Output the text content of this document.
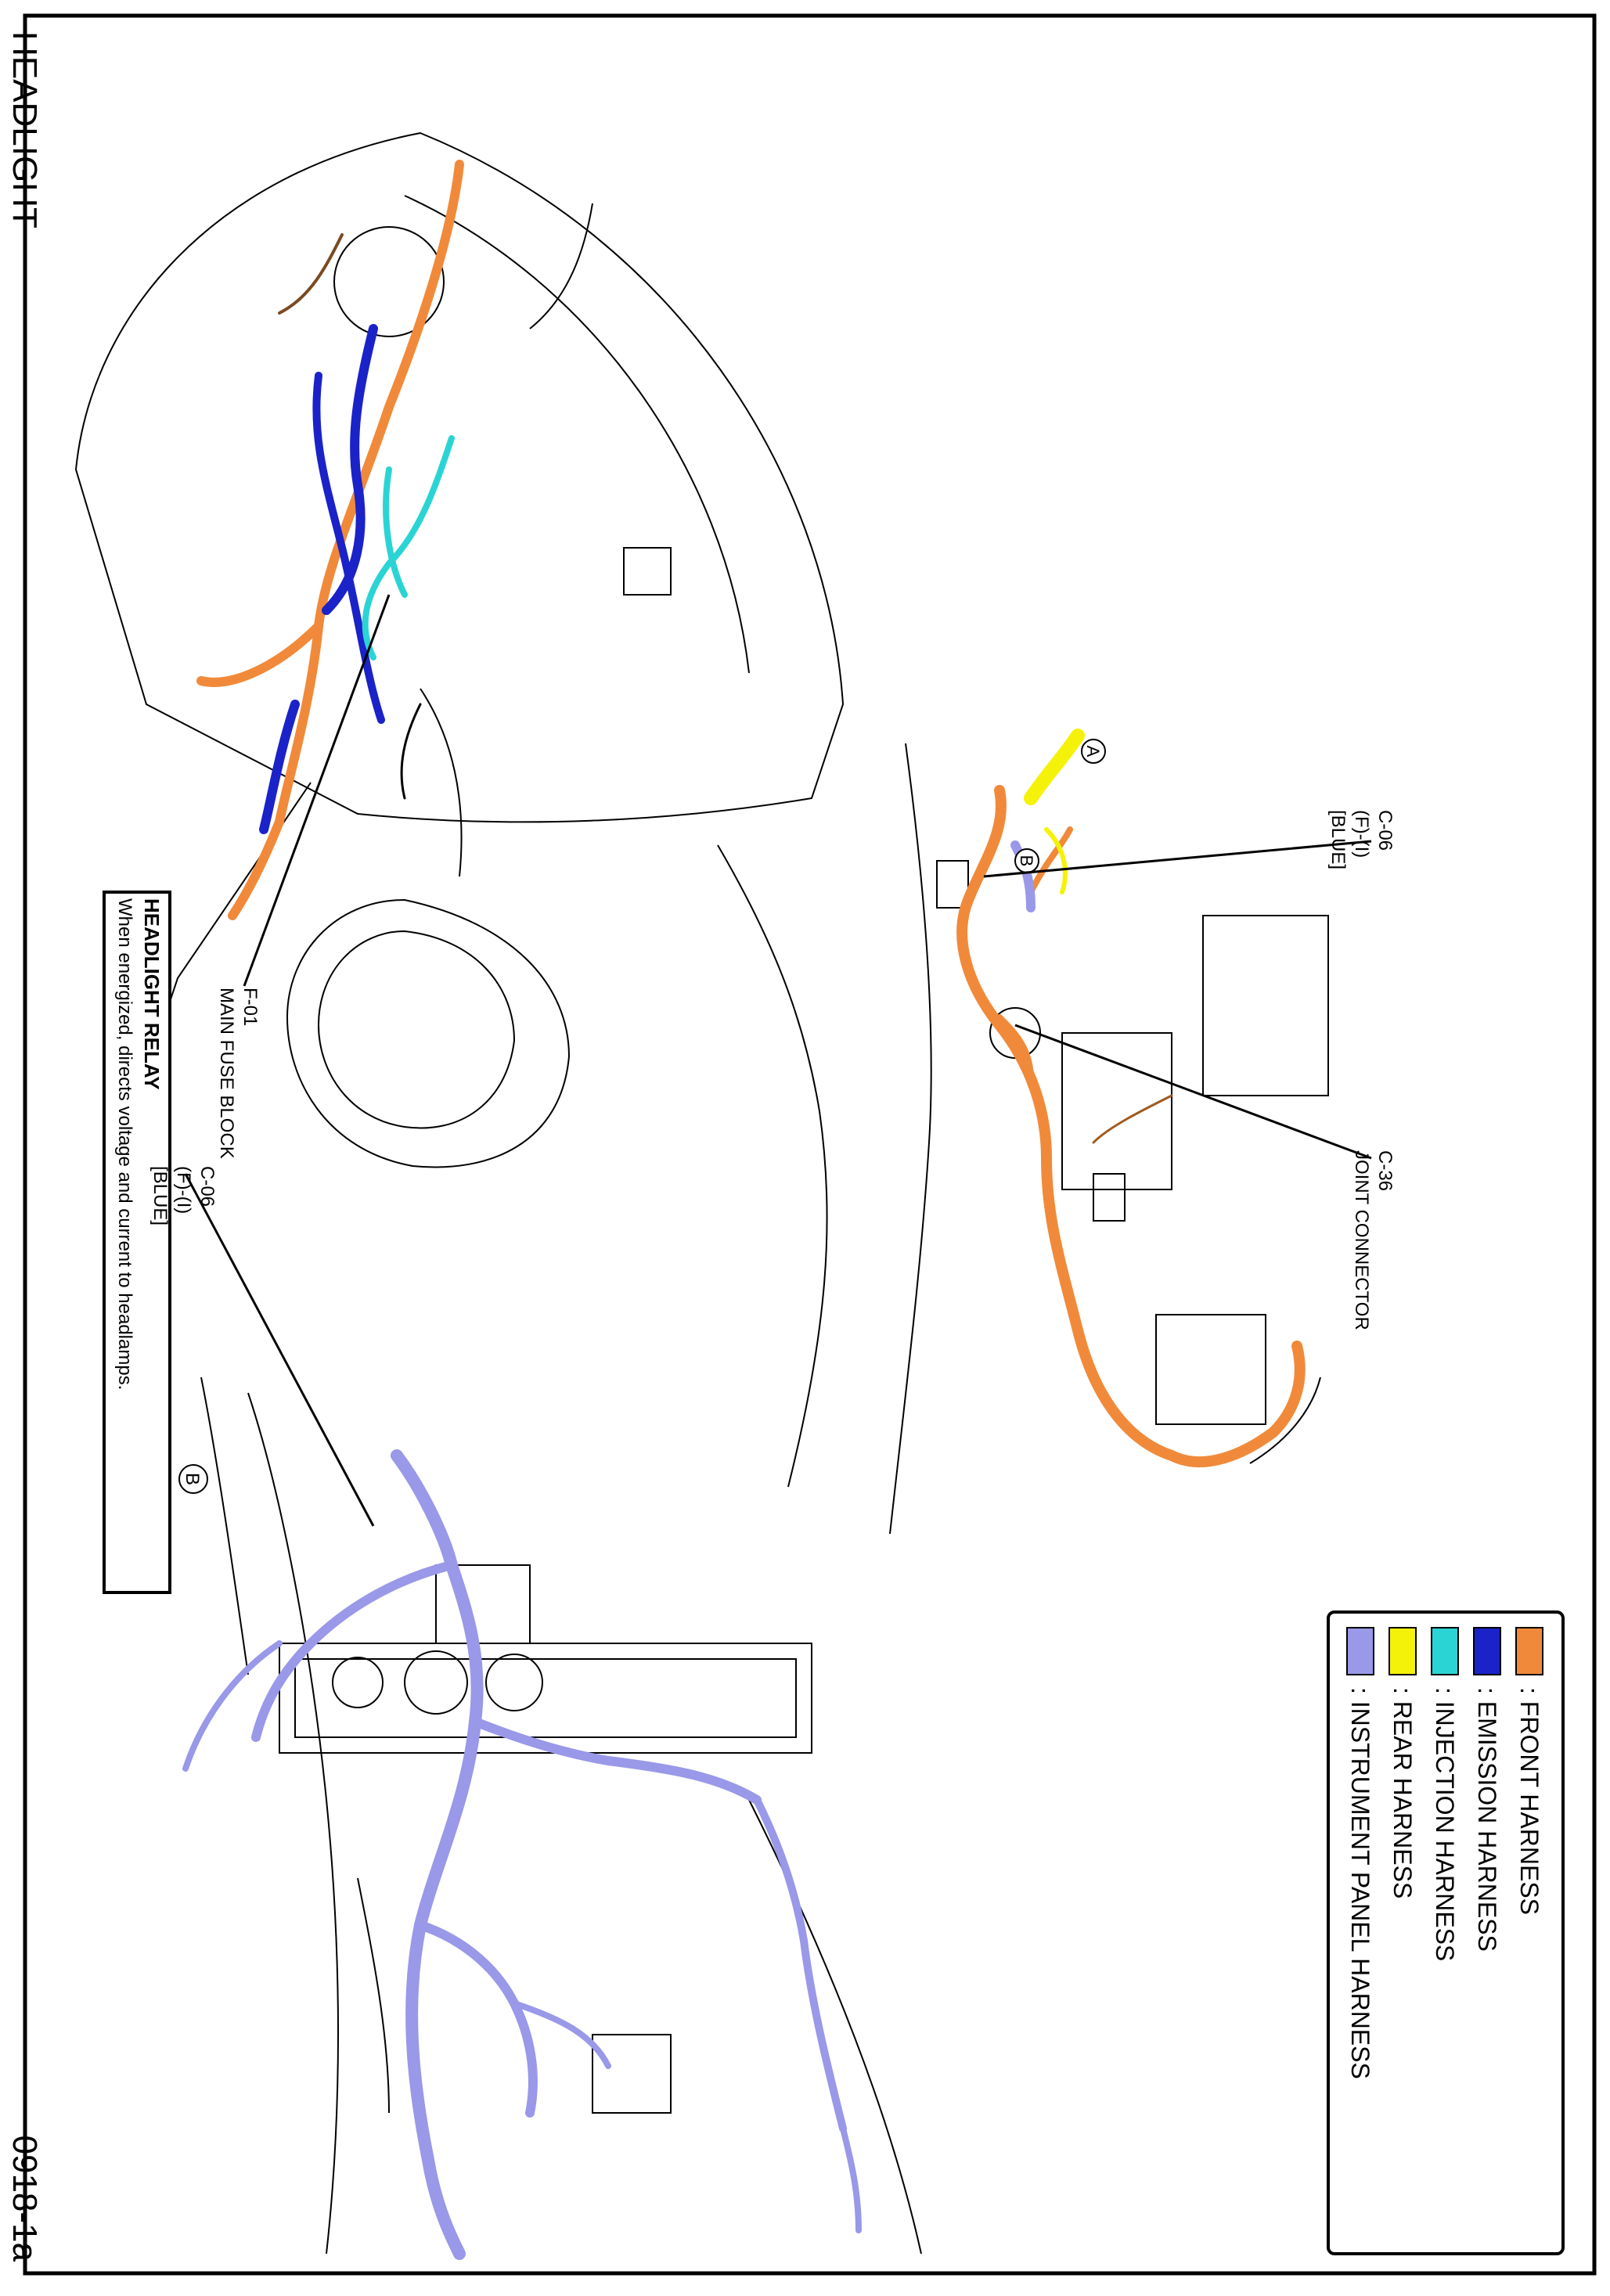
HEADLIGHT
0918-1a
F-01
MAIN FUSE BLOCK
HEADLIGHT RELAY
When energized, directs voltage and current to headlamps.
A
B
C-06
(F)-(I)
[BLUE]
C-36
JOINT CONNECTOR
[BLUE] (F)-(I) C-06
B
: FRONT HARNESS
: EMISSION HARNESS
: INJECTION HARNESS
: REAR HARNESS
: INSTRUMENT PANEL HARNESS
